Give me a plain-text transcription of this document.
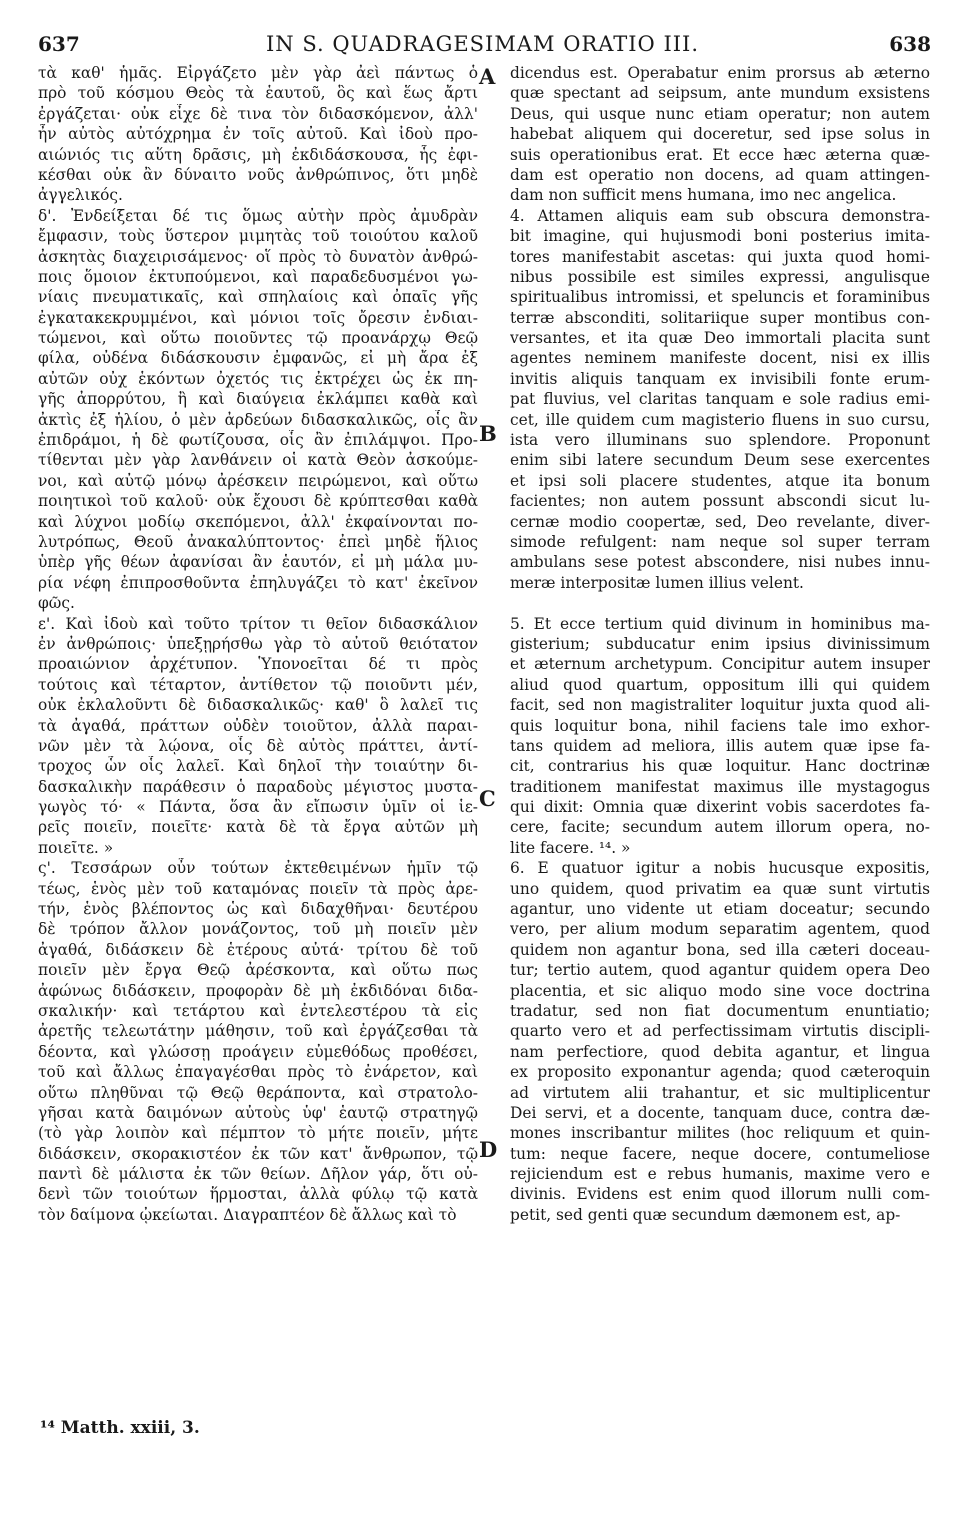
637	IN S. QUADRAGESIMAM ORATIO III.	638
τὰ καθ' ἡμᾶς. Εἰργάζετο μὲν γὰρ ἀεὶ πάντως ὁ
πρὸ τοῦ κόσμου Θεὸς τὰ ἑαυτοῦ, ὃς καὶ ἕως ἄρτι
ἐργάζεται· οὐκ εἶχε δὲ τινα τὸν διδασκόμενον, ἀλλ'
ἦν αὐτὸς αὐτόχρημα ἐν τοῖς αὐτοῦ. Καὶ ἰδοὺ προ-
αιώνιός τις αὕτη δρᾶσις, μὴ ἐκδιδάσκουσα, ἧς ἐφι-
κέσθαι οὐκ ἂν δύναιτο νοῦς ἀνθρώπινος, ὅτι μηδὲ
ἀγγελικός.
δ'. Ἐνδείξεται δέ τις ὅμως αὐτὴν πρὸς ἀμυδρὰν
ἔμφασιν, τοὺς ὕστερον μιμητὰς τοῦ τοιούτου καλοῦ
ἀσκητὰς διαχειρισάμενος· οἵ πρὸς τὸ δυνατὸν ἀνθρώ-
ποις ὅμοιον ἐκτυπούμενοι, καὶ παραδεδυσμένοι γω-
νίαις πνευματικαῖς, καὶ σπηλαίοις καὶ ὀπαῖς γῆς
ἐγκατακεκρυμμένοι, καὶ μόνιοι τοῖς ὄρεσιν ἐνδιαι-
τώμενοι, καὶ οὕτω ποιοῦντες τῷ προανάρχῳ Θεῷ
φίλα, οὐδένα διδάσκουσιν ἐμφανῶς, εἰ μὴ ἄρα ἐξ
αὐτῶν οὐχ ἑκόντων ὀχετός τις ἐκτρέχει ὡς ἐκ πη-
γῆς ἀπορρύτου, ἢ καὶ διαύγεια ἐκλάμπει καθὰ καὶ
ἀκτὶς ἐξ ἡλίου, ὁ μὲν ἀρδεύων διδασκαλικῶς, οἷς ἂν
ἐπιδράμοι, ἡ δὲ φωτίζουσα, οἷς ἂν ἐπιλάμψοι. Προ-
τίθενται μὲν γὰρ λανθάνειν οἱ κατὰ Θεὸν ἀσκούμε-
νοι, καὶ αὐτῷ μόνῳ ἀρέσκειν πειρώμενοι, καὶ οὕτω
ποιητικοὶ τοῦ καλοῦ· οὐκ ἔχουσι δὲ κρύπτεσθαι καθὰ
καὶ λύχνοι μοδίῳ σκεπόμενοι, ἀλλ' ἐκφαίνονται πο-
λυτρόπως, Θεοῦ ἀνακαλύπτοντος· ἐπεὶ μηδὲ ἥλιος
ὑπὲρ γῆς θέων ἀφανίσαι ἂν ἑαυτόν, εἰ μὴ μάλα μυ-
ρία νέφη ἐπιπροσθοῦντα ἐπηλυγάζει τὸ κατ' ἐκεῖνον
φῶς.
ε'. Καὶ ἰδοὺ καὶ τοῦτο τρίτον τι θεῖον διδασκάλιον
ἐν ἀνθρώποις· ὑπεξῃρήσθω γὰρ τὸ αὐτοῦ θειότατον
προαιώνιον ἀρχέτυπον. Ὑπονοεῖται δέ τι πρὸς
τούτοις καὶ τέταρτον, ἀντίθετον τῷ ποιοῦντι μέν,
οὐκ ἐκλαλοῦντι δὲ διδασκαλικῶς· καθ' ὃ λαλεῖ τις
τὰ ἀγαθά, πράττων οὐδὲν τοιοῦτον, ἀλλὰ παραι-
νῶν μὲν τὰ λῴονα, οἷς δὲ αὐτὸς πράττει, ἀντί-
τροχος ὧν οἷς λαλεῖ. Καὶ δηλοῖ τὴν τοιαύτην δι-
δασκαλικὴν παράθεσιν ὁ παραδοὺς μέγιστος μυστα-
γωγὸς τό· « Πάντα, ὅσα ἂν εἴπωσιν ὑμῖν οἱ ἱε-
ρεῖς ποιεῖν, ποιεῖτε· κατὰ δὲ τὰ ἔργα αὐτῶν μὴ
ποιεῖτε. »
ς'. Τεσσάρων οὖν τούτων ἐκτεθειμένων ἡμῖν τῷ
τέως, ἑνὸς μὲν τοῦ καταμόνας ποιεῖν τὰ πρὸς ἀρε-
τήν, ἑνὸς βλέποντος ὡς καὶ διδαχθῆναι· δευτέρου
δὲ τρόπον ἄλλον μονάζοντος, τοῦ μὴ ποιεῖν μὲν
ἀγαθά, διδάσκειν δὲ ἑτέρους αὐτά· τρίτου δὲ τοῦ
ποιεῖν μὲν ἔργα Θεῷ ἀρέσκοντα, καὶ οὕτω πως
ἀφώνως διδάσκειν, προφορὰν δὲ μὴ ἐκδιδόναι διδα-
σκαλικήν· καὶ τετάρτου καὶ ἐντελεστέρου τὰ εἰς
ἀρετῆς τελεωτάτην μάθησιν, τοῦ καὶ ἐργάζεσθαι τὰ
δέοντα, καὶ γλώσσῃ προάγειν εὐμεθόδως προθέσει,
τοῦ καὶ ἄλλως ἐπαγαγέσθαι πρὸς τὸ ἐνάρετον, καὶ
οὕτω πληθῦναι τῷ Θεῷ θεράποντα, καὶ στρατολο-
γῆσαι κατὰ δαιμόνων αὐτοὺς ὑφ' ἑαυτῷ στρατηγῷ
(τὸ γὰρ λοιπὸν καὶ πέμπτον τὸ μήτε ποιεῖν, μήτε
διδάσκειν, σκορακιστέον ἐκ τῶν κατ' ἄνθρωπον, τῷ
παντὶ δὲ μάλιστα ἐκ τῶν θείων. Δῆλον γάρ, ὅτι οὐ-
δενὶ τῶν τοιούτων ἥρμοσται, ἀλλὰ φύλῳ τῷ κατὰ
τὸν δαίμονα ᾠκείωται. Διαγραπτέον δὲ ἄλλως καὶ τὸ
dicendus est. Operabatur enim prorsus ab æterno
quæ spectant ad seipsum, ante mundum exsistens
Deus, qui usque nunc etiam operatur; non autem
habebat aliquem qui doceretur, sed ipse solus in
suis operationibus erat. Et ecce hæc æterna quæ-
dam est operatio non docens, ad quam attingen-
dam non sufficit mens humana, imo nec angelica.
4. Attamen aliquis eam sub obscura demonstra-
bit imagine, qui hujusmodi boni posterius imita-
tores manifestabit ascetas: qui juxta quod homi-
nibus possibile est similes expressi, angulisque
spiritualibus intromissi, et speluncis et foraminibus
terræ absconditi, solitariique super montibus con-
versantes, et ita quæ Deo immortali placita sunt
agentes neminem manifeste docent, nisi ex illis
invitis aliquis tanquam ex invisibili fonte erum-
pat fluvius, vel claritas tanquam e sole radius emi-
cet, ille quidem cum magisterio fluens in suo cursu,
ista vero illuminans suo splendore. Proponunt
enim sibi latere secundum Deum sese exercentes
et ipsi soli placere studentes, atque ita bonum
facientes; non autem possunt abscondi sicut lu-
cernæ modio coopertæ, sed, Deo revelante, diver-
simode refulgent: nam neque sol super terram
ambulans sese potest abscondere, nisi nubes innu-
meræ interpositæ lumen illius velent.
5. Et ecce tertium quid divinum in hominibus ma-
gisterium; subducatur enim ipsius divinissimum
et æternum archetypum. Concipitur autem insuper
aliud quod quartum, oppositum illi qui quidem
facit, sed non magistraliter loquitur juxta quod ali-
quis loquitur bona, nihil faciens tale imo exhor-
tans quidem ad meliora, illis autem quæ ipse fa-
cit, contrarius his quæ loquitur. Hanc doctrinæ
traditionem manifestat maximus ille mystagogus
qui dixit: Omnia quæ dixerint vobis sacerdotes fa-
cere, facite; secundum autem illorum opera, no-
lite facere. ¹⁴. »
6. E quatuor igitur a nobis hucusque expositis,
uno quidem, quod privatim ea quæ sunt virtutis
agantur, uno vidente ut etiam doceatur; secundo
vero, per alium modum separatim agentem, quod
quidem non agantur bona, sed illa cæteri doceau-
tur; tertio autem, quod agantur quidem opera Deo
placentia, et sic aliquo modo sine voce doctrina
tradatur, sed non fiat documentum enuntiatio;
quarto vero et ad perfectissimam virtutis discipli-
nam perfectiore, quod debita agantur, et lingua
ex proposito exponantur agenda; quod cæteroquin
ad virtutem alii trahantur, et sic multiplicentur
Dei servi, et a docente, tanquam duce, contra dæ-
mones inscribantur milites (hoc reliquum et quin-
tum: neque facere, neque docere, contumeliose
rejiciendum est e rebus humanis, maxime vero e
divinis. Evidens est enim quod illorum nulli com-
petit, sed genti quæ secundum dæmonem est, ap-
A
B
C
D
¹⁴ Matth. xxiii, 3.
